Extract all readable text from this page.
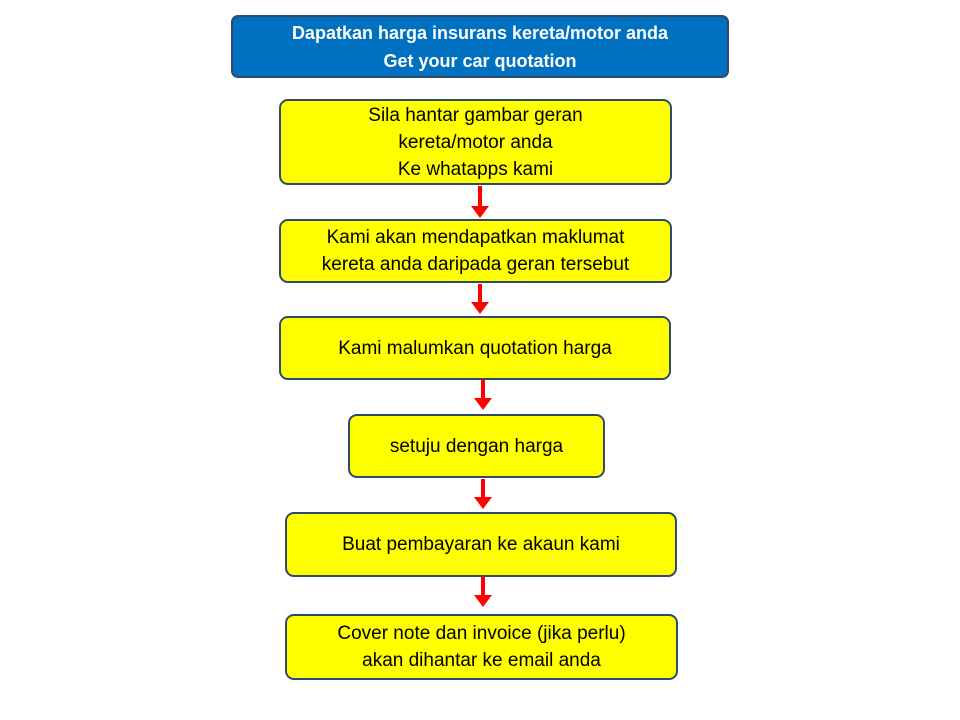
Dapatkan harga insurans kereta/motor anda
Get your car quotation
Sila hantar gambar geran
kereta/motor anda
Ke whatapps kami
Kami akan mendapatkan maklumat
kereta anda daripada geran tersebut
Kami malumkan quotation harga
setuju dengan harga
Buat pembayaran ke akaun kami
Cover note dan invoice (jika perlu)
akan dihantar ke email anda
